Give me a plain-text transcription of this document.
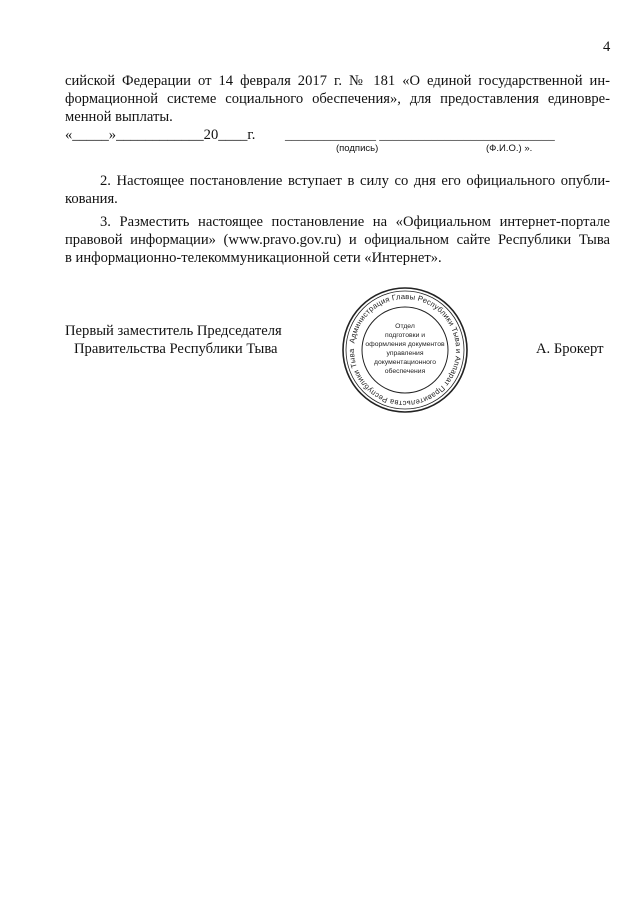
4
сийской Федерации от 14 февраля 2017 г. № 181 «О единой государственной ин-
формационной системе социального обеспечения», для предоставления единовре-
менной выплаты.
«_____»____________20____г. ______________ ___________________________
(подпись)	(Ф.И.О.) ».
2. Настоящее постановление вступает в силу со дня его официального опубли-
кования.
3. Разместить настоящее постановление на «Официальном интернет-портале
правовой информации» (www.pravo.gov.ru) и официальном сайте Республики Тыва
в информационно-телекоммуникационной сети «Интернет».
Первый заместитель Председателя
Правительства Республики Тыва	А. Брокерт
Администрация Главы Республики Тыва и Аппарат Правительства Республики Тыва
Отдел
подготовки и
оформления документов
управления
документационного
обеспечения
